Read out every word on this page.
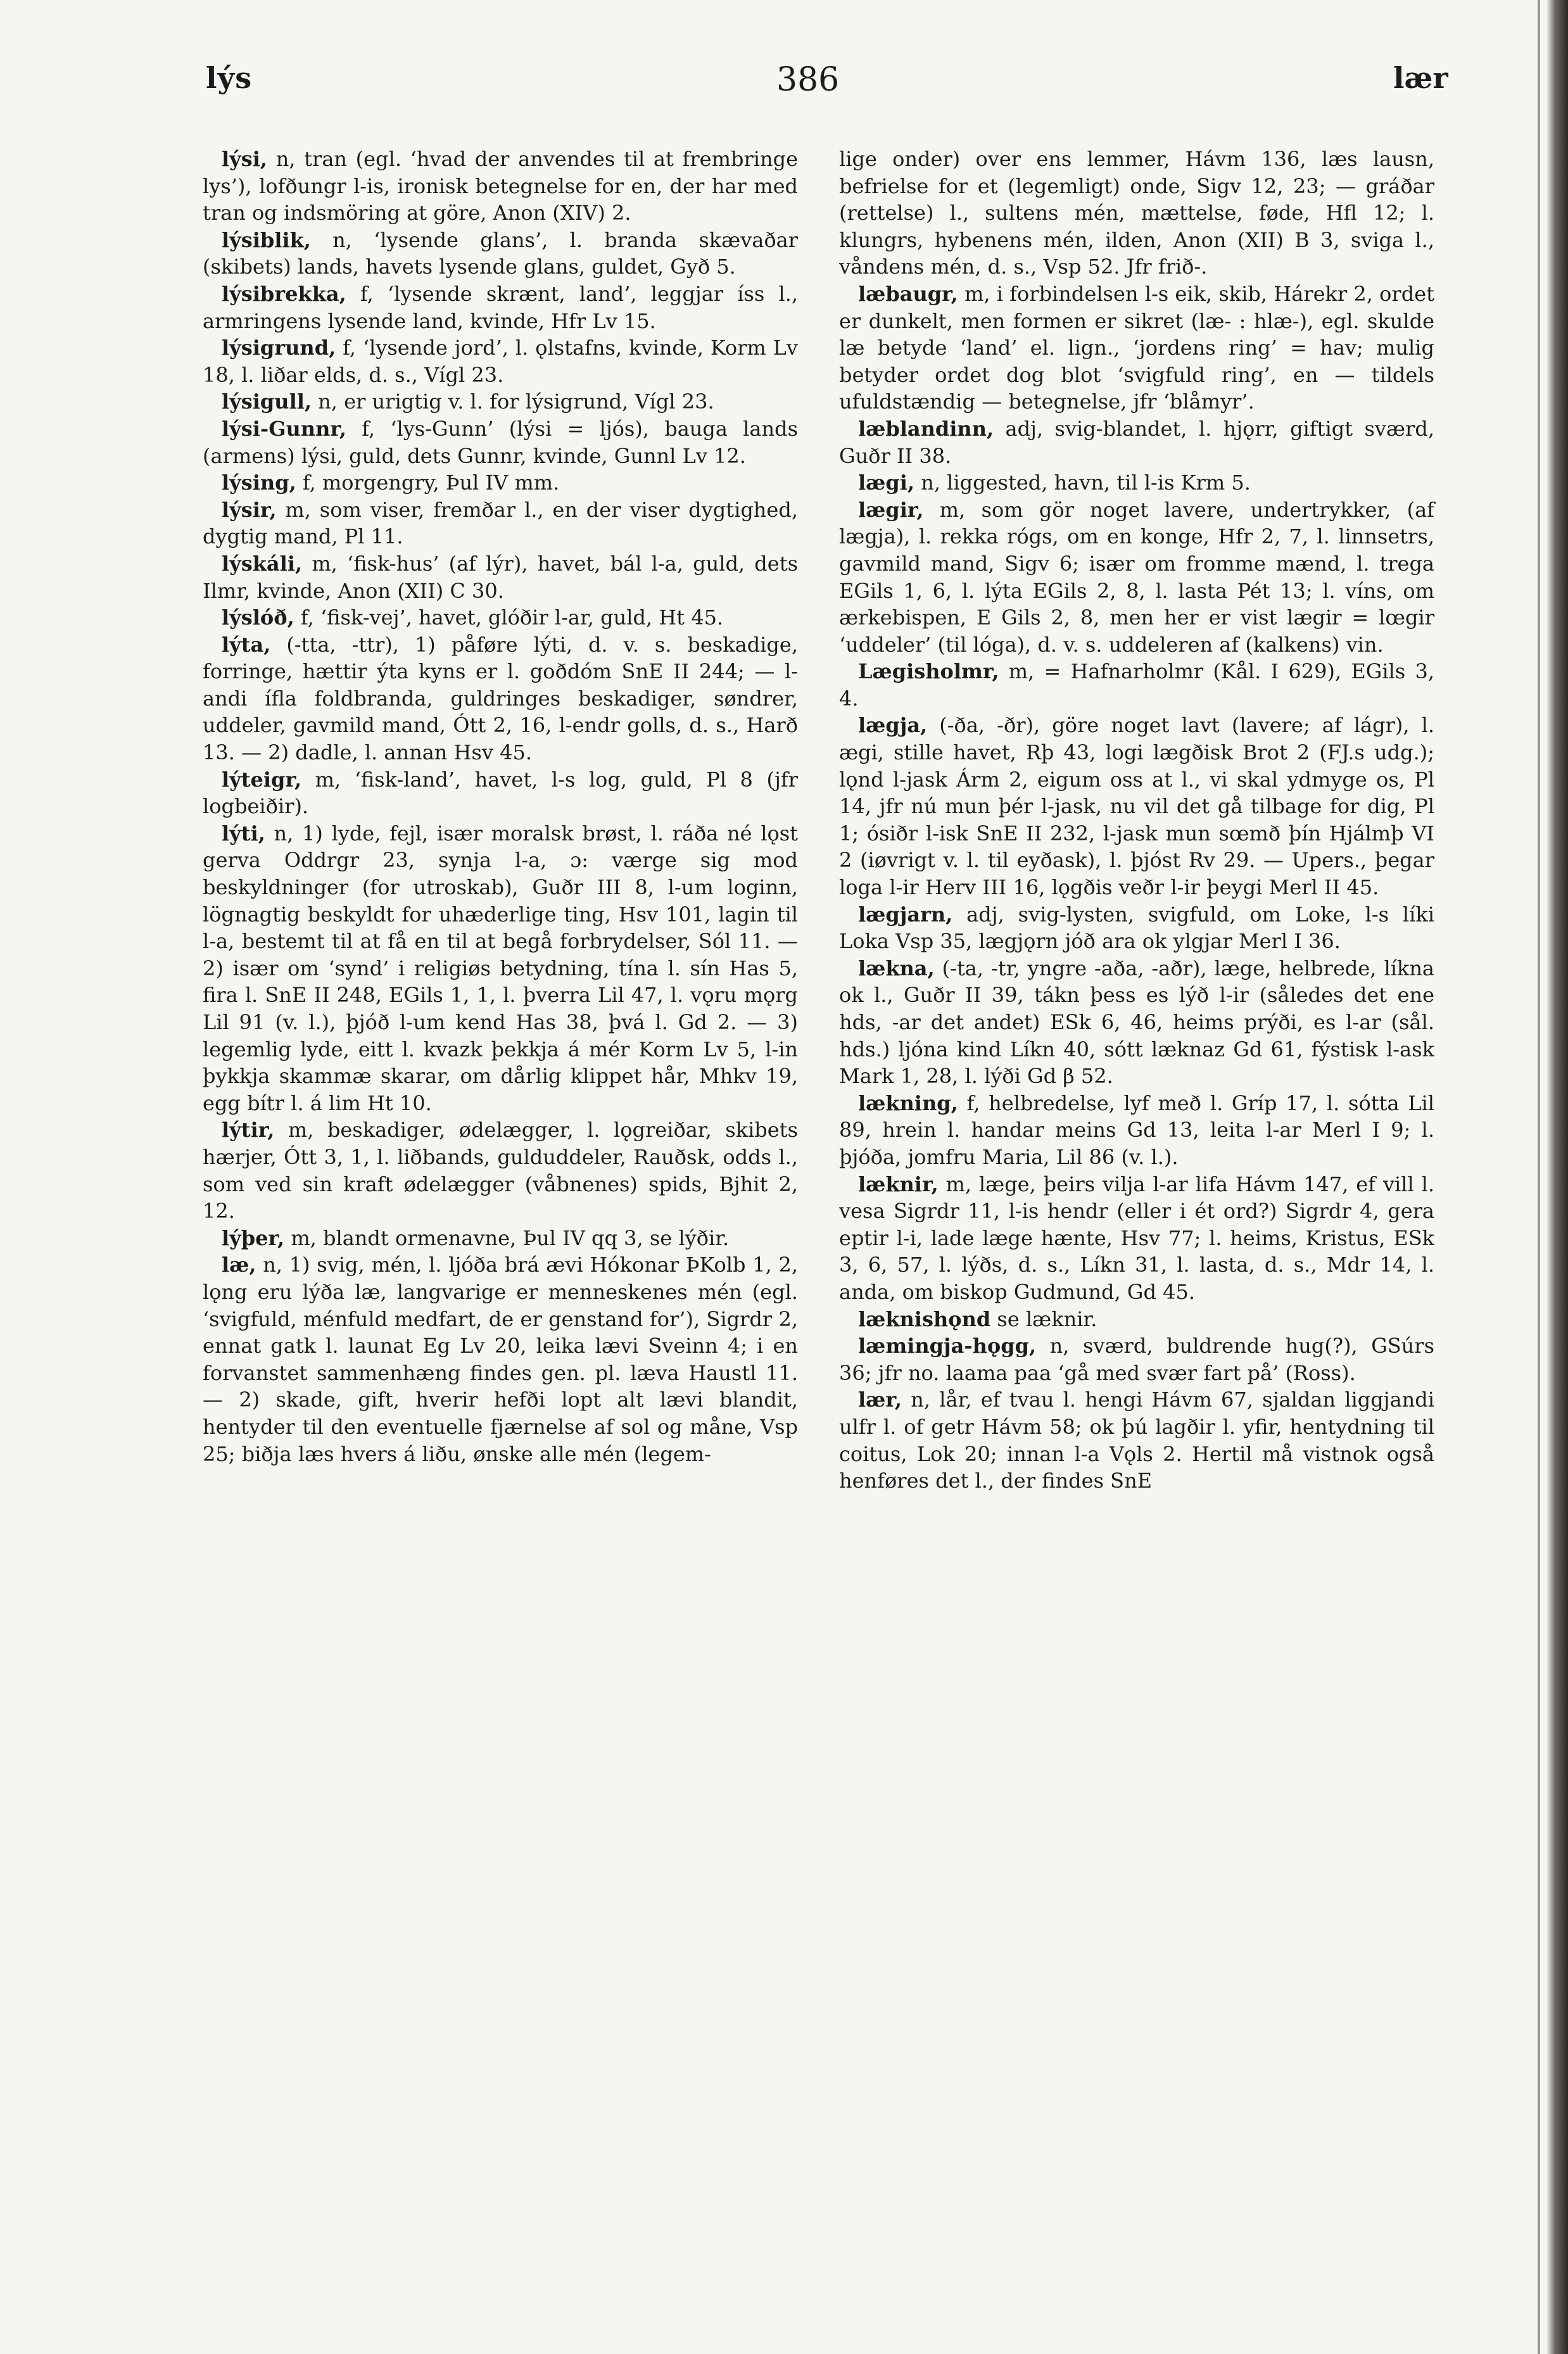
lýs	386	lær

lýsi, n, tran (egl. ‘hvad der anvendes til at frembringe lys’), lofðungr l-is, ironisk betegnelse for en, der har med tran og indsmöring at göre, Anon (XIV) 2.

lýsiblik, n, ‘lysende glans’, l. branda skævaðar (skibets) lands, havets lysende glans, guldet, Gyð 5.

lýsibrekka, f, ‘lysende skrænt, land’, leggjar íss l., armringens lysende land, kvinde, Hfr Lv 15.

lýsigrund, f, ‘lysende jord’, l. ǫlstafns, kvinde, Korm Lv 18, l. liðar elds, d. s., Vígl 23.

lýsigull, n, er urigtig v. l. for lýsigrund, Vígl 23.

lýsi-Gunnr, f, ‘lys-Gunn’ (lýsi = ljós), bauga lands (armens) lýsi, guld, dets Gunnr, kvinde, Gunnl Lv 12.

lýsing, f, morgengry, Þul IV mm.

lýsir, m, som viser, fremðar l., en der viser dygtighed, dygtig mand, Pl 11.

lýskáli, m, ‘fisk-hus’ (af lýr), havet, bál l-a, guld, dets Ilmr, kvinde, Anon (XII) C 30.

lýslóð, f, ‘fisk-vej’, havet, glóðir l-ar, guld, Ht 45.

lýta, (-tta, -ttr), 1) påføre lýti, d. v. s. beskadige, forringe, hættir ýta kyns er l. goðdóm SnE II 244; — l-andi ífla foldbranda, guldringes beskadiger, søndrer, uddeler, gavmild mand, Ótt 2, 16, l-endr golls, d. s., Harð 13. — 2) dadle, l. annan Hsv 45.

lýteigr, m, ‘fisk-land’, havet, l-s log, guld, Pl 8 (jfr logbeiðir).

lýti, n, 1) lyde, fejl, især moralsk brøst, l. ráða né lǫst gerva Oddrgr 23, synja l-a, ɔ: værge sig mod beskyldninger (for utroskab), Guðr III 8, l-um loginn, lögnagtig beskyldt for uhæderlige ting, Hsv 101, lagin til l-a, bestemt til at få en til at begå forbrydelser, Sól 11. — 2) især om ‘synd’ i religiøs betydning, tína l. sín Has 5, fira l. SnE II 248, EGils 1, 1, l. þverra Lil 47, l. vǫru mǫrg Lil 91 (v. l.), þjóð l-um kend Has 38, þvá l. Gd 2. — 3) legemlig lyde, eitt l. kvazk þekkja á mér Korm Lv 5, l-in þykkja skammæ skarar, om dårlig klippet hår, Mhkv 19, egg bítr l. á lim Ht 10.

lýtir, m, beskadiger, ødelægger, l. lǫgreiðar, skibets hærjer, Ótt 3, 1, l. liðbands, gulduddeler, Rauðsk, odds l., som ved sin kraft ødelægger (våbnenes) spids, Bjhit 2, 12.

lýþer, m, blandt ormenavne, Þul IV qq 3, se lýðir.

læ, n, 1) svig, mén, l. ljóða brá ævi Hókonar ÞKolb 1, 2, lǫng eru lýða læ, langvarige er menneskenes mén (egl. ‘svigfuld, ménfuld medfart, de er genstand for’), Sigrdr 2, ennat gatk l. launat Eg Lv 20, leika lævi Sveinn 4; i en forvanstet sammenhæng findes gen. pl. læva Haustl 11. — 2) skade, gift, hverir hefði lopt alt lævi blandit, hentyder til den eventuelle fjærnelse af sol og måne, Vsp 25; biðja læs hvers á liðu, ønske alle mén (legem-

lige onder) over ens lemmer, Hávm 136, læs lausn, befrielse for et (legemligt) onde, Sigv 12, 23; — gráðar (rettelse) l., sultens mén, mættelse, føde, Hfl 12; l. klungrs, hybenens mén, ilden, Anon (XII) B 3, sviga l., våndens mén, d. s., Vsp 52. Jfr frið-.

læbaugr, m, i forbindelsen l-s eik, skib, Hárekr 2, ordet er dunkelt, men formen er sikret (læ- : hlæ-), egl. skulde læ betyde ‘land’ el. lign., ‘jordens ring’ = hav; mulig betyder ordet dog blot ‘svigfuld ring’, en — tildels ufuldstændig — betegnelse, jfr ‘blåmyr’.

læblandinn, adj, svig-blandet, l. hjǫrr, giftigt sværd, Guðr II 38.

lægi, n, liggested, havn, til l-is Krm 5.

lægir, m, som gör noget lavere, undertrykker, (af lægja), l. rekka rógs, om en konge, Hfr 2, 7, l. linnsetrs, gavmild mand, Sigv 6; især om fromme mænd, l. trega EGils 1, 6, l. lýta EGils 2, 8, l. lasta Pét 13; l. víns, om ærkebispen, E Gils 2, 8, men her er vist lægir = lœgir ‘uddeler’ (til lóga), d. v. s. uddeleren af (kalkens) vin.

Lægisholmr, m, = Hafnarholmr (Kål. I 629), EGils 3, 4.

lægja, (-ða, -ðr), göre noget lavt (lavere; af lágr), l. ægi, stille havet, Rþ 43, logi lægðisk Brot 2 (FJ.s udg.); lǫnd l-jask Árm 2, eigum oss at l., vi skal ydmyge os, Pl 14, jfr nú mun þér l-jask, nu vil det gå tilbage for dig, Pl 1; ósiðr l-isk SnE II 232, l-jask mun sœmð þín Hjálmþ VI 2 (iøvrigt v. l. til eyðask), l. þjóst Rv 29. — Upers., þegar loga l-ir Herv III 16, lǫgðis veðr l-ir þeygi Merl II 45.

lægjarn, adj, svig-lysten, svigfuld, om Loke, l-s líki Loka Vsp 35, lægjǫrn jóð ara ok ylgjar Merl I 36.

lækna, (-ta, -tr, yngre -aða, -aðr), læge, helbrede, líkna ok l., Guðr II 39, tákn þess es lýð l-ir (således det ene hds, -ar det andet) ESk 6, 46, heims prýði, es l-ar (sål. hds.) ljóna kind Líkn 40, sótt læknaz Gd 61, fýstisk l-ask Mark 1, 28, l. lýði Gd β 52.

lækning, f, helbredelse, lyf með l. Gríp 17, l. sótta Lil 89, hrein l. handar meins Gd 13, leita l-ar Merl I 9; l. þjóða, jomfru Maria, Lil 86 (v. l.).

læknir, m, læge, þeirs vilja l-ar lifa Hávm 147, ef vill l. vesa Sigrdr 11, l-is hendr (eller i ét ord?) Sigrdr 4, gera eptir l-i, lade læge hænte, Hsv 77; l. heims, Kristus, ESk 3, 6, 57, l. lýðs, d. s., Líkn 31, l. lasta, d. s., Mdr 14, l. anda, om biskop Gudmund, Gd 45.

læknishǫnd se læknir.

læmingja-hǫgg, n, sværd, buldrende hug(?), GSúrs 36; jfr no. laama paa ‘gå med svær fart på’ (Ross).

lær, n, lår, ef tvau l. hengi Hávm 67, sjaldan liggjandi ulfr l. of getr Hávm 58; ok þú lagðir l. yfir, hentydning til coitus, Lok 20; innan l-a Vǫls 2. Hertil må vistnok også henføres det l., der findes SnE
